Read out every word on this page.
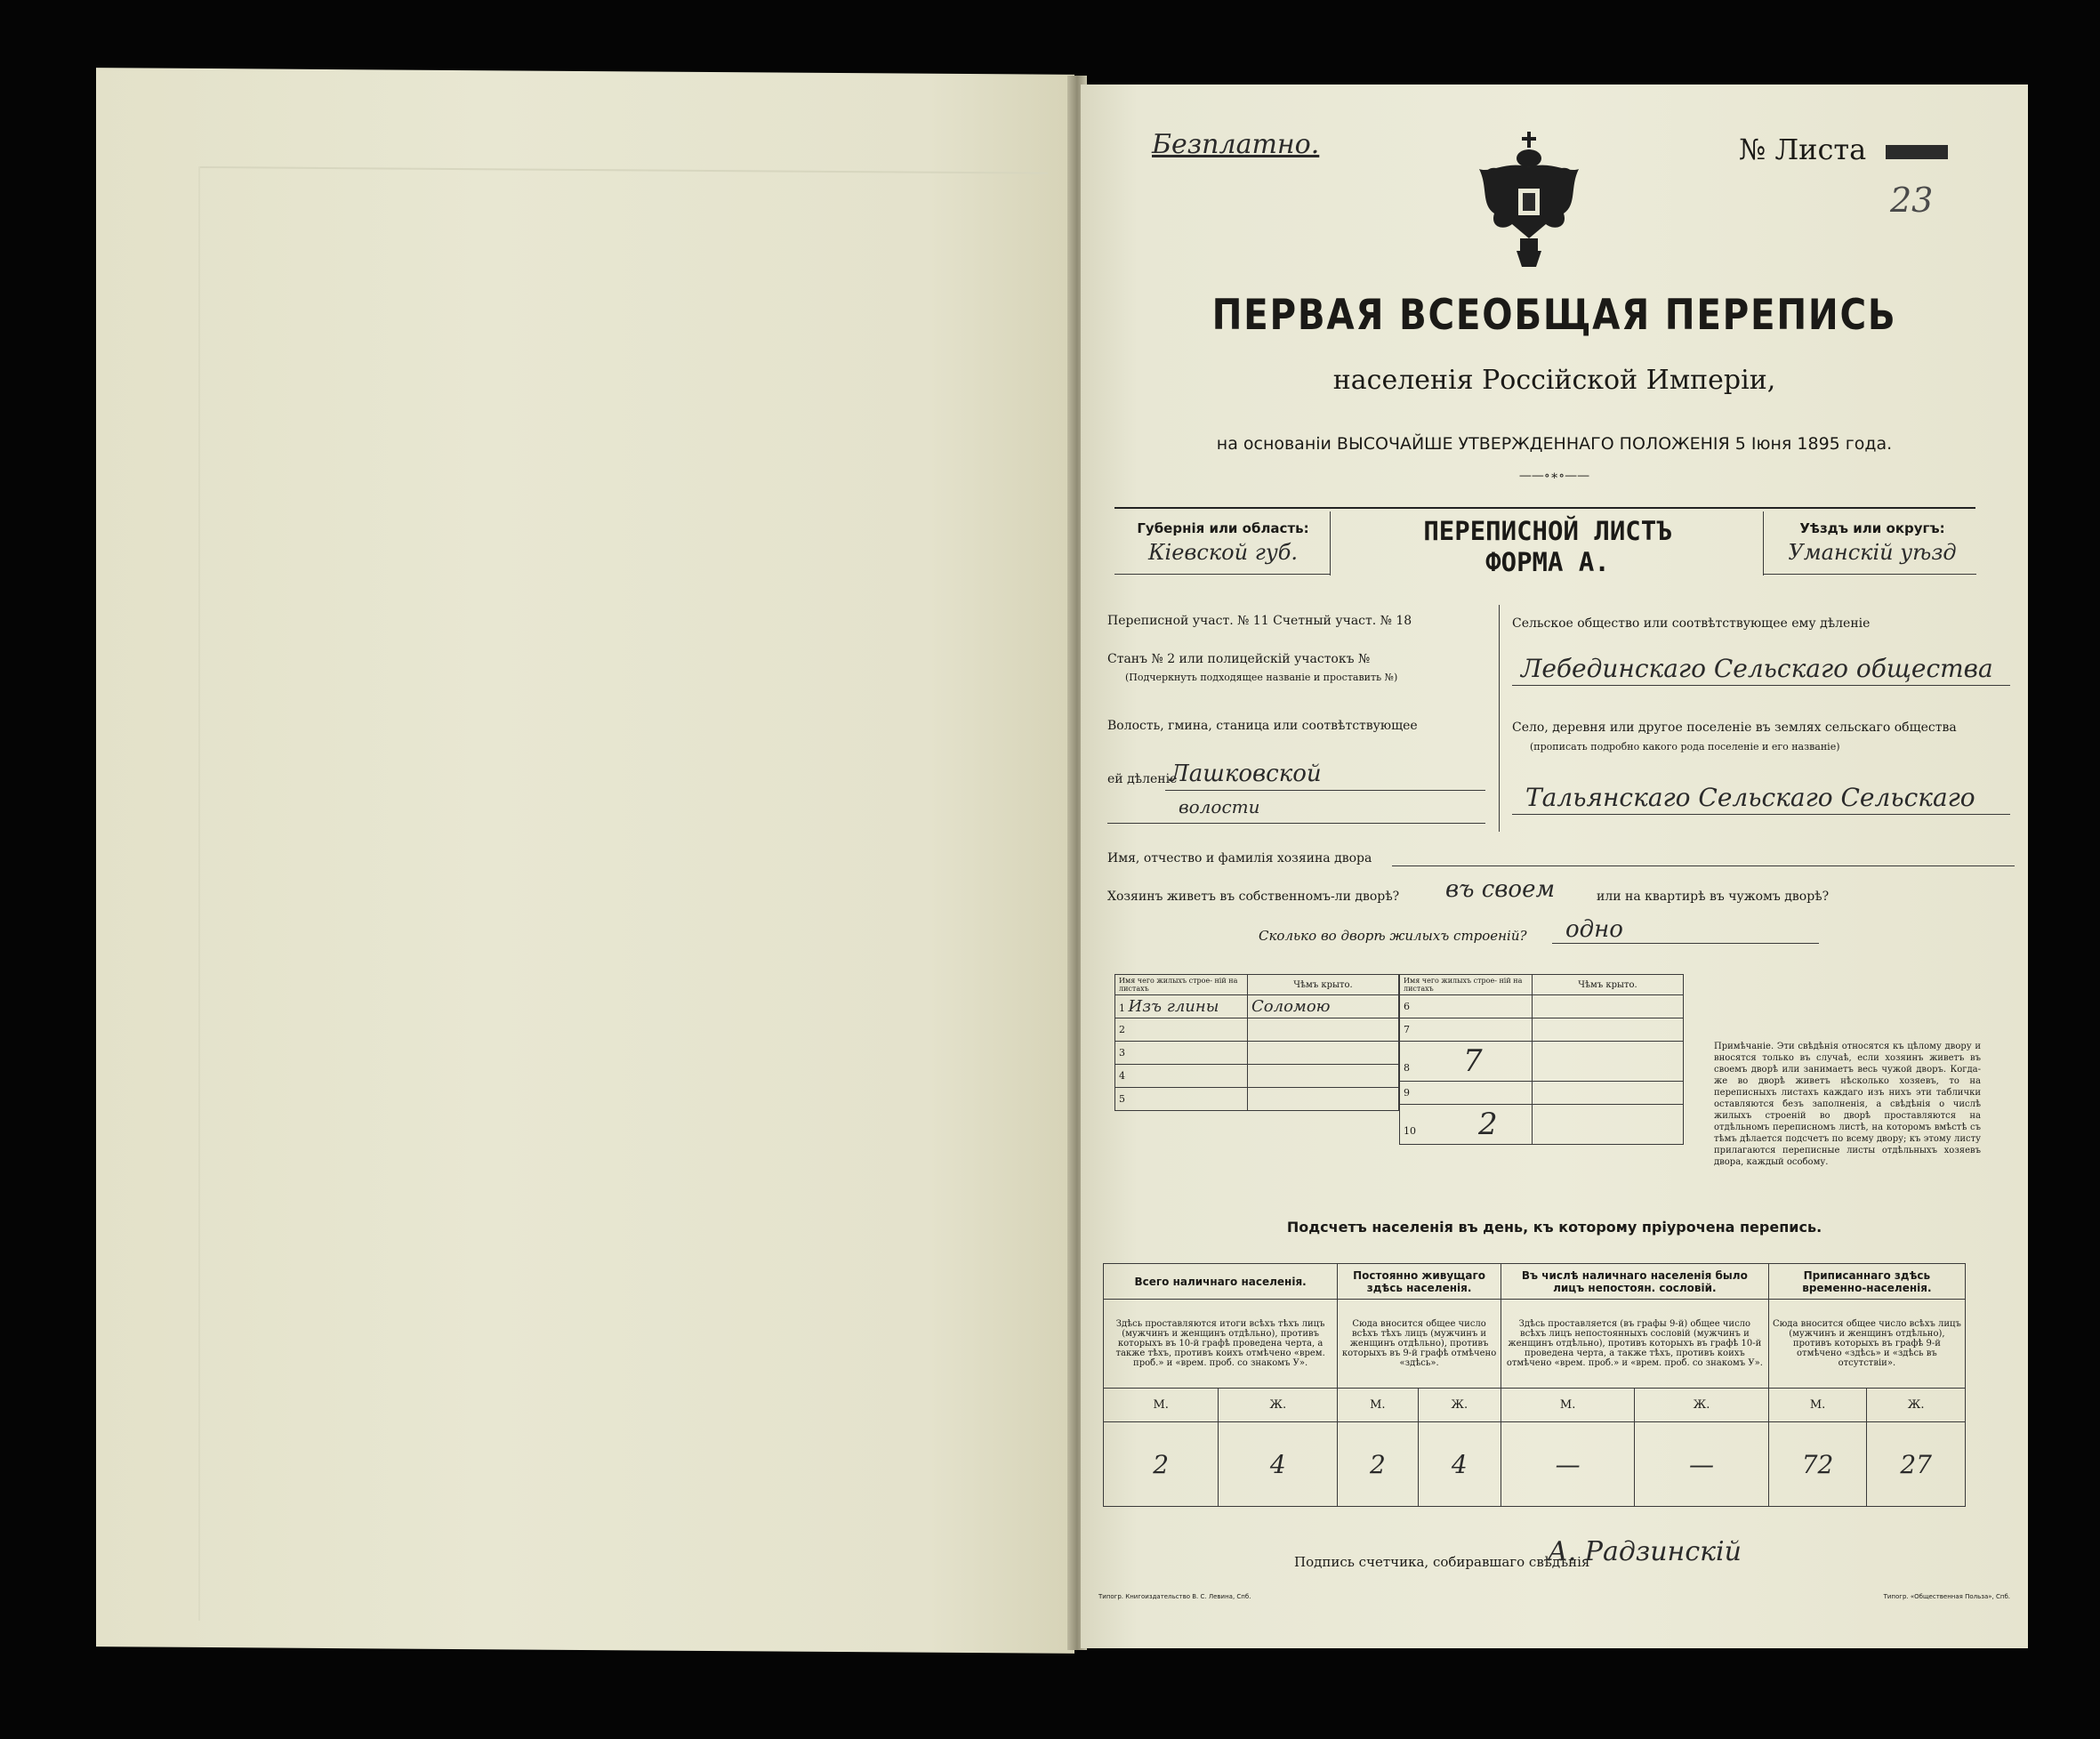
Безплатно.	№ Листа
23
ПЕРВАЯ ВСЕОБЩАЯ ПЕРЕПИСЬ
населенія Россійской Имперіи,
на основаніи ВЫСОЧАЙШЕ УТВЕРЖДЕННАГО ПОЛОЖЕНІЯ 5 Іюня 1895 года.
——∘∗∘——
Губернія или область:
Кіевской губ.
ПЕРЕПИСНОЙ ЛИСТЪ
ФОРМА А.
Уѣздъ или округъ:
Уманскій уѣзд
Переписной участ. № 11 Счетный участ. № 18
Станъ № 2 или полицейскій участокъ №
(Подчеркнуть подходящее названіе и проставить №)
Волость, гмина, станица или соотвѣтствующее
ей дѣленіе
Лашковской
волости
Сельское общество или соотвѣтствующее ему дѣленіе
Лебединскаго Сельскаго общества
Село, деревня или другое поселеніе въ землях сельскаго общества
(прописать подробно какого рода поселеніе и его названіе)
Тальянскаго Сельскаго Сельскаго
Имя, отчество и фамилія хозяина двора
Хозяинъ живетъ въ собственномъ-ли дворѣ? въ своем	или на квартирѣ въ чужомъ дворѣ?
Сколько во дворѣ жилыхъ строеній? одно
Имя чего жилыхъ строе- ній на листахъ	Чѣмъ крыто.
1 Изъ глины	Соломою
2	
3	
4	
5	
Имя чего жилыхъ строе- ній на листахъ	Чѣмъ крыто.
6	
7	
8 7	
9	
10 2	
Примѣчаніе. Эти свѣдѣнія относятся къ цѣлому двору и вносятся только въ случаѣ, если хозяинъ живетъ въ своемъ дворѣ или занимаетъ весь чужой дворъ. Когда-же во дворѣ живетъ нѣсколько хозяевъ, то на переписныхъ листахъ каждаго изъ нихъ эти таблички оставляются безъ заполненія, а свѣдѣнія о числѣ жилыхъ строеній во дворѣ проставляются на отдѣльномъ переписномъ листѣ, на которомъ вмѣстѣ съ тѣмъ дѣлается подсчетъ по всему двору; къ этому листу прилагаются переписные листы отдѣльныхъ хозяевъ двора, каждый особому.
Подсчетъ населенія въ день, къ которому пріурочена перепись.
Всего наличнаго населенія.		Постоянно живущаго здѣсь населенія.		Въ числѣ наличнаго населенія было лицъ непостоян. сословій.		Приписаннаго здѣсь временно-населенія.	
Здѣсь проставляются итоги всѣхъ тѣхъ лицъ (мужчинъ и женщинъ отдѣльно), противъ которыхъ въ 10-й графѣ проведена черта, а также тѣхъ, противъ коихъ отмѣчено «врем. проб.» и «врем. проб. со знакомъ У».		Сюда вносится общее число всѣхъ тѣхъ лицъ (мужчинъ и женщинъ отдѣльно), противъ которыхъ въ 9-й графѣ отмѣчено «здѣсь».		Здѣсь проставляется (въ графы 9-й) общее число всѣхъ лицъ непостоянныхъ сословій (мужчинъ и женщинъ отдѣльно), противъ которыхъ въ графѣ 10-й проведена черта, а также тѣхъ, противъ коихъ отмѣчено «врем. проб.» и «врем. проб. со знакомъ У».		Сюда вносится общее число всѣхъ лицъ (мужчинъ и женщинъ отдѣльно), противъ которыхъ въ графѣ 9-й отмѣчено «здѣсь» и «здѣсь въ отсутствіи».	
М.	Ж.	М.	Ж.	М.	Ж.	М.	Ж.
2	4	2	4	—	—	72	27
Подпись счетчика, собиравшаго свѣдѣнія
А. Радзинскій
Типогр. Книгоиздательство В. С. Левина, Спб.	Типогр. «Общественная Польза», Спб.
